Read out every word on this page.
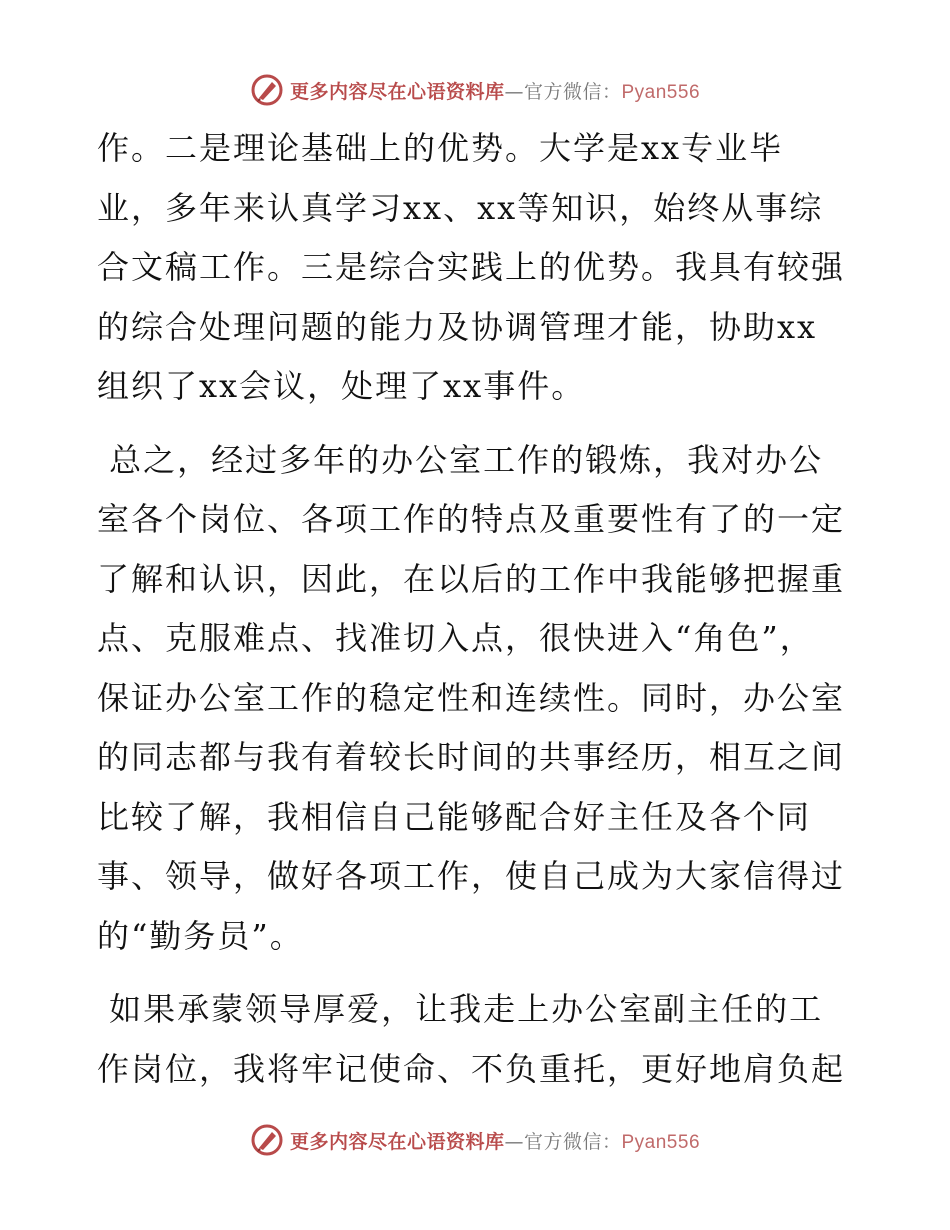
更多内容尽在心语资料库—官方微信：Pyan556
作。二是理论基础上的优势。大学是xx专业毕
业，多年来认真学习xx、xx等知识，始终从事综
合文稿工作。三是综合实践上的优势。我具有较强
的综合处理问题的能力及协调管理才能，协助xx
组织了xx会议，处理了xx事件。
总之，经过多年的办公室工作的锻炼，我对办公
室各个岗位、各项工作的特点及重要性有了的一定
了解和认识，因此，在以后的工作中我能够把握重
点、克服难点、找准切入点，很快进入“角色”，
保证办公室工作的稳定性和连续性。同时，办公室
的同志都与我有着较长时间的共事经历，相互之间
比较了解，我相信自己能够配合好主任及各个同
事、领导，做好各项工作，使自己成为大家信得过
的“勤务员”。
如果承蒙领导厚爱，让我走上办公室副主任的工
作岗位，我将牢记使命、不负重托，更好地肩负起
更多内容尽在心语资料库—官方微信：Pyan556
